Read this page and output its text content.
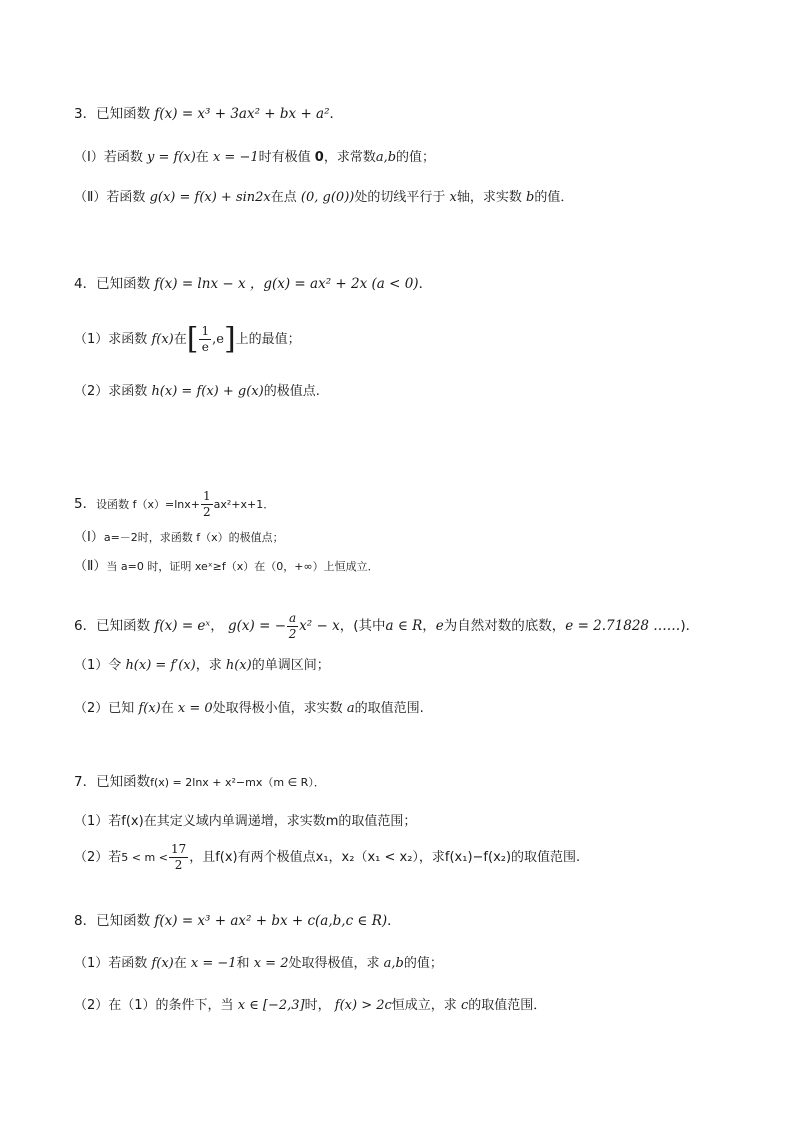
3．已知函数 f(x) = x³ + 3ax² + bx + a²．
（Ⅰ）若函数 y = f(x)在 x = −1时有极值 0，求常数a,b的值；
（Ⅱ）若函数 g(x) = f(x) + sin2x在点 (0, g(0))处的切线平行于 x轴，求实数 b的值．
4．已知函数 f(x) = lnx − x ，g(x) = ax² + 2x (a < 0)．
（1）求函数 f(x)在[ $\frac{1}{e} ,e$]上的最值；
（2）求函数 h(x) = f(x) + g(x)的极值点.
5．设函数 $f(x)=\ln x+ \frac{1}{2} ax^2+x+1$．
（Ⅰ）a=－2时，求函数 f（x）的极值点；
（Ⅱ）当 a=0 时，证明 xeˣ≥f（x）在（0，+∞）上恒成立．
6．已知函数 f(x) = eˣ， g(x) = − $\frac{a}{2} x^2 - x$，(其中a ∈ R，e为自然对数的底数，e = 2.71828 ……)．
（1）令 h(x) = f′(x)，求 h(x)的单调区间；
（2）已知 f(x)在 x = 0处取得极小值，求实数 a的取值范围.
7．已知函数f(x) = 2lnx + x²−mx（m ∈ R）．
（1）若f(x)在其定义域内单调递增，求实数m的取值范围；
（2）若$5 < m < \frac{17}{2}$ ，且f(x)有两个极值点x₁，x₂（x₁ < x₂），求f(x₁)−f(x₂)的取值范围.
8．已知函数 f(x) = x³ + ax² + bx + c(a,b,c ∈ R)．
（1）若函数 f(x)在 x = −1和 x = 2处取得极值，求 a,b的值；
（2）在（1）的条件下，当 x ∈ [−2,3]时， f(x) > 2c恒成立，求 c的取值范围．
